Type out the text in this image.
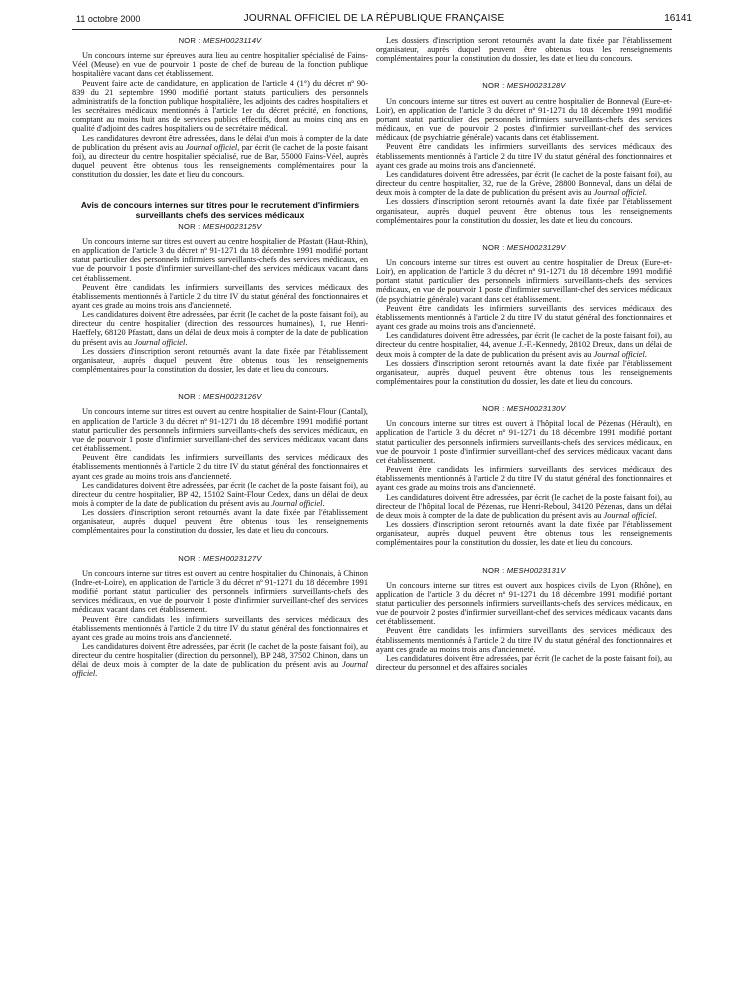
11 octobre 2000	JOURNAL OFFICIEL DE LA RÉPUBLIQUE FRANÇAISE	16141
NOR : MESH0023114V

Un concours interne sur épreuves aura lieu au centre hospitalier spécialisé de Fains-Véel (Meuse) en vue de pourvoir 1 poste de chef de bureau de la fonction publique hospitalière vacant dans cet établissement.

Peuvent faire acte de candidature, en application de l'article 4 (1°) du décret nº 90-839 du 21 septembre 1990 modifié portant statuts particuliers des personnels administratifs de la fonction publique hospitalière, les adjoints des cadres hospitaliers et les secrétaires médicaux mentionnés à l'article 1er du décret précité, en fonctions, comptant au moins huit ans de services publics effectifs, dont au moins cinq ans en qualité d'adjoint des cadres hospitaliers ou de secrétaire médical.

Les candidatures devront être adressées, dans le délai d'un mois à compter de la date de publication du présent avis au Journal officiel, par écrit (le cachet de la poste faisant foi), au directeur du centre hospitalier spécialisé, rue de Bar, 55000 Fains-Véel, auprès duquel peuvent être obtenus tous les renseignements complémentaires pour la constitution du dossier, les date et lieu du concours.

Avis de concours internes sur titres pour le recrutement d'infirmiers surveillants chefs des services médicaux
NOR : MESH0023125V

Un concours interne sur titres est ouvert au centre hospitalier de Pfastatt (Haut-Rhin), en application de l'article 3 du décret nº 91-1271 du 18 décembre 1991 modifié portant statut particulier des personnels infirmiers surveillants-chefs des services médicaux, en vue de pourvoir 1 poste d'infirmier surveillant-chef des services médicaux vacant dans cet établissement.

Peuvent être candidats les infirmiers surveillants des services médicaux des établissements mentionnés à l'article 2 du titre IV du statut général des fonctionnaires et ayant ces grade au moins trois ans d'ancienneté.

Les candidatures doivent être adressées, par écrit (le cachet de la poste faisant foi), au directeur du centre hospitalier (direction des ressources humaines), 1, rue Henri-Haeffely, 68120 Pfastatt, dans un délai de deux mois à compter de la date de publication du présent avis au Journal officiel.

Les dossiers d'inscription seront retournés avant la date fixée par l'établissement organisateur, auprès duquel peuvent être obtenus tous les renseignements complémentaires pour la constitution du dossier, les date et lieu du concours.

NOR : MESH0023126V

Un concours interne sur titres est ouvert au centre hospitalier de Saint-Flour (Cantal), en application de l'article 3 du décret nº 91-1271 du 18 décembre 1991 modifié portant statut particulier des personnels infirmiers surveillants-chefs des services médicaux, en vue de pourvoir 1 poste d'infirmier surveillant-chef des services médicaux vacant dans cet établissement.

Peuvent être candidats les infirmiers surveillants des services médicaux des établissements mentionnés à l'article 2 du titre IV du statut général des fonctionnaires et ayant ces grade au moins trois ans d'ancienneté.

Les candidatures doivent être adressées, par écrit (le cachet de la poste faisant foi), au directeur du centre hospitalier, BP 42, 15102 Saint-Flour Cedex, dans un délai de deux mois à compter de la date de publication du présent avis au Journal officiel.

Les dossiers d'inscription seront retournés avant la date fixée par l'établissement organisateur, auprès duquel peuvent être obtenus tous les renseignements complémentaires pour la constitution du dossier, les date et lieu du concours.

NOR : MESH0023127V

Un concours interne sur titres est ouvert au centre hospitalier du Chinonais, à Chinon (Indre-et-Loire), en application de l'article 3 du décret nº 91-1271 du 18 décembre 1991 modifié portant statut particulier des personnels infirmiers surveillants-chefs des services médicaux, en vue de pourvoir 1 poste d'infirmier surveillant-chef des services médicaux vacant dans cet établissement.

Peuvent être candidats les infirmiers surveillants des services médicaux des établissements mentionnés à l'article 2 du titre IV du statut général des fonctionnaires et ayant ces grade au moins trois ans d'ancienneté.

Les candidatures doivent être adressées, par écrit (le cachet de la poste faisant foi), au directeur du centre hospitalier (direction du personnel), BP 248, 37502 Chinon, dans un délai de deux mois à compter de la date de publication du présent avis au Journal officiel.

Les dossiers d'inscription seront retournés avant la date fixée par l'établissement organisateur, auprès duquel peuvent être obtenus tous les renseignements complémentaires pour la constitution du dossier, les date et lieu du concours.

NOR : MESH0023128V

Un concours interne sur titres est ouvert au centre hospitalier de Bonneval (Eure-et-Loir), en application de l'article 3 du décret nº 91-1271 du 18 décembre 1991 modifié portant statut particulier des personnels infirmiers surveillants-chefs des services médicaux, en vue de pourvoir 2 postes d'infirmier surveillant-chef des services médicaux (de psychiatrie générale) vacants dans cet établissement.

Peuvent être candidats les infirmiers surveillants des services médicaux des établissements mentionnés à l'article 2 du titre IV du statut général des fonctionnaires et ayant ces grade au moins trois ans d'ancienneté.

Les candidatures doivent être adressées, par écrit (le cachet de la poste faisant foi), au directeur du centre hospitalier, 32, rue de la Grève, 28800 Bonneval, dans un délai de deux mois à compter de la date de publication du présent avis au Journal officiel.

Les dossiers d'inscription seront retournés avant la date fixée par l'établissement organisateur, auprès duquel peuvent être obtenus tous les renseignements complémentaires pour la constitution du dossier, les date et lieu du concours.

NOR : MESH0023129V

Un concours interne sur titres est ouvert au centre hospitalier de Dreux (Eure-et-Loir), en application de l'article 3 du décret nº 91-1271 du 18 décembre 1991 modifié portant statut particulier des personnels infirmiers surveillants-chefs des services médicaux, en vue de pourvoir 1 poste d'infirmier surveillant-chef des services médicaux (de psychiatrie générale) vacant dans cet établissement.

Peuvent être candidats les infirmiers surveillants des services médicaux des établissements mentionnés à l'article 2 du titre IV du statut général des fonctionnaires et ayant ces grade au moins trois ans d'ancienneté.

Les candidatures doivent être adressées, par écrit (le cachet de la poste faisant foi), au directeur du centre hospitalier, 44, avenue J.-F.-Kennedy, 28102 Dreux, dans un délai de deux mois à compter de la date de publication du présent avis au Journal officiel.

Les dossiers d'inscription seront retournés avant la date fixée par l'établissement organisateur, auprès duquel peuvent être obtenus tous les renseignements complémentaires pour la constitution du dossier, les date et lieu du concours.

NOR : MESH0023130V

Un concours interne sur titres est ouvert à l'hôpital local de Pézenas (Hérault), en application de l'article 3 du décret nº 91-1271 du 18 décembre 1991 modifié portant statut particulier des personnels infirmiers surveillants-chefs des services médicaux, en vue de pourvoir 1 poste d'infirmier surveillant-chef des services médicaux vacant dans cet établissement.

Peuvent être candidats les infirmiers surveillants des services médicaux des établissements mentionnés à l'article 2 du titre IV du statut général des fonctionnaires et ayant ces grade au moins trois ans d'ancienneté.

Les candidatures doivent être adressées, par écrit (le cachet de la poste faisant foi), au directeur de l'hôpital local de Pézenas, rue Henri-Reboul, 34120 Pézenas, dans un délai de deux mois à compter de la date de publication du présent avis au Journal officiel.

Les dossiers d'inscription seront retournés avant la date fixée par l'établissement organisateur, auprès duquel peuvent être obtenus tous les renseignements complémentaires pour la constitution du dossier, les date et lieu du concours.

NOR : MESH0023131V

Un concours interne sur titres est ouvert aux hospices civils de Lyon (Rhône), en application de l'article 3 du décret nº 91-1271 du 18 décembre 1991 modifié portant statut particulier des personnels infirmiers surveillants-chefs des services médicaux, en vue de pourvoir 2 postes d'infirmier surveillant-chef des services médicaux vacants dans cet établissement.

Peuvent être candidats les infirmiers surveillants des services médicaux des établissements mentionnés à l'article 2 du titre IV du statut général des fonctionnaires et ayant ces grade au moins trois ans d'ancienneté.

Les candidatures doivent être adressées, par écrit (le cachet de la poste faisant foi), au directeur du personnel et des affaires sociales
